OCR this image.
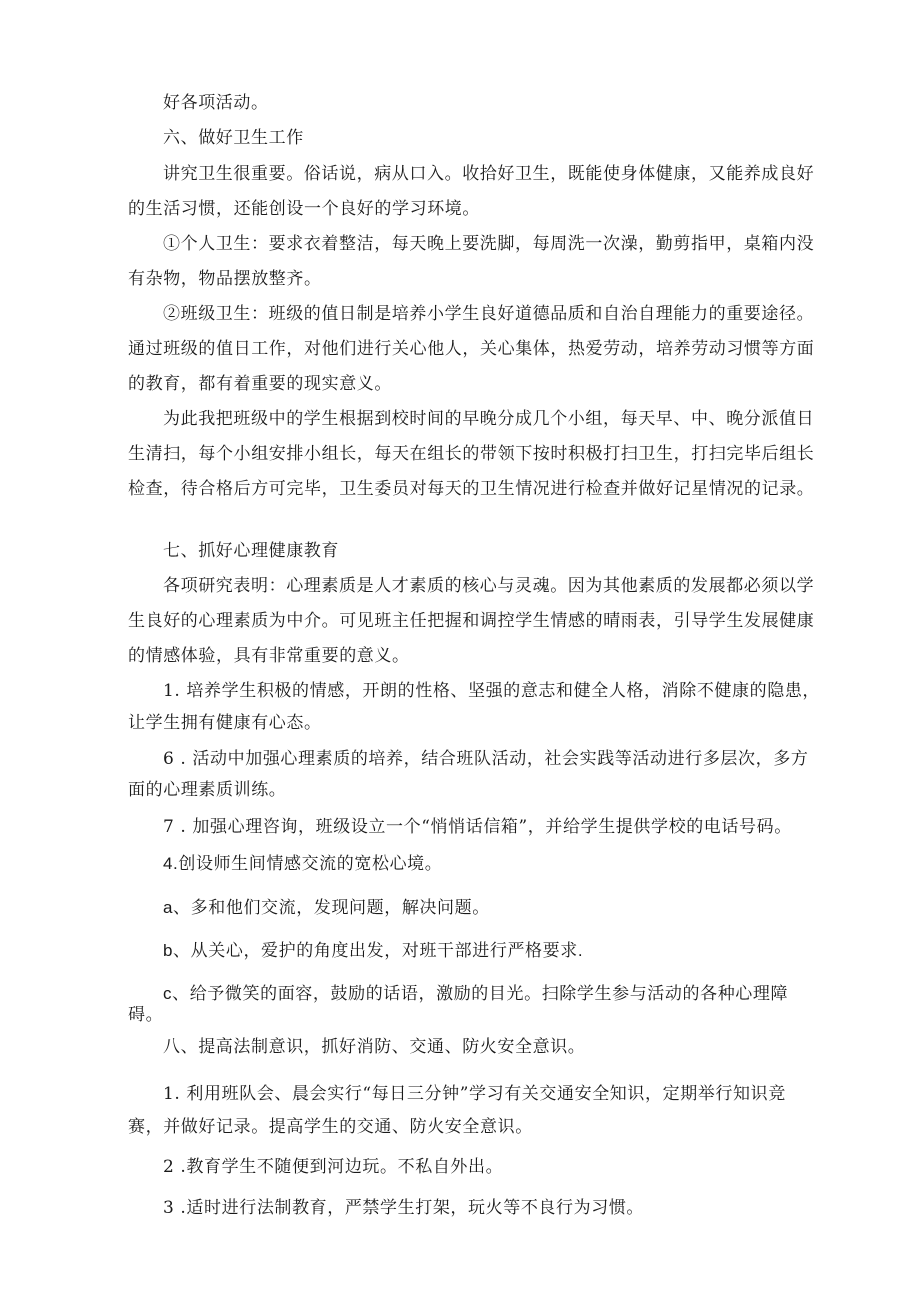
好各项活动。
六、做好卫生工作
讲究卫生很重要。俗话说，病从口入。收拾好卫生，既能使身体健康，又能养成良好
的生活习惯，还能创设一个良好的学习环境。
①个人卫生：要求衣着整洁，每天晚上要洗脚，每周洗一次澡，勤剪指甲，桌箱内没
有杂物，物品摆放整齐。
②班级卫生：班级的值日制是培养小学生良好道德品质和自治自理能力的重要途径。
通过班级的值日工作，对他们进行关心他人，关心集体，热爱劳动，培养劳动习惯等方面
的教育，都有着重要的现实意义。
为此我把班级中的学生根据到校时间的早晚分成几个小组，每天早、中、晚分派值日
生清扫，每个小组安排小组长，每天在组长的带领下按时积极打扫卫生，打扫完毕后组长
检查，待合格后方可完毕，卫生委员对每天的卫生情况进行检查并做好记星情况的记录。
七、抓好心理健康教育
各项研究表明：心理素质是人才素质的核心与灵魂。因为其他素质的发展都必须以学
生良好的心理素质为中介。可见班主任把握和调控学生情感的晴雨表，引导学生发展健康
的情感体验，具有非常重要的意义。
1. 培养学生积极的情感，开朗的性格、坚强的意志和健全人格，消除不健康的隐患，
让学生拥有健康有心态。
6 . 活动中加强心理素质的培养，结合班队活动，社会实践等活动进行多层次，多方
面的心理素质训练。
7 . 加强心理咨询，班级设立一个“悄悄话信箱”，并给学生提供学校的电话号码。
4.创设师生间情感交流的宽松心境。
a、多和他们交流，发现问题，解决问题。
b、从关心，爱护的角度出发，对班干部进行严格要求.
c、给予微笑的面容，鼓励的话语，激励的目光。扫除学生参与活动的各种心理障
碍。
八、提高法制意识，抓好消防、交通、防火安全意识。
1. 利用班队会、晨会实行“每日三分钟”学习有关交通安全知识，定期举行知识竞
赛，并做好记录。提高学生的交通、防火安全意识。
2 .教育学生不随便到河边玩。不私自外出。
3 .适时进行法制教育，严禁学生打架，玩火等不良行为习惯。
